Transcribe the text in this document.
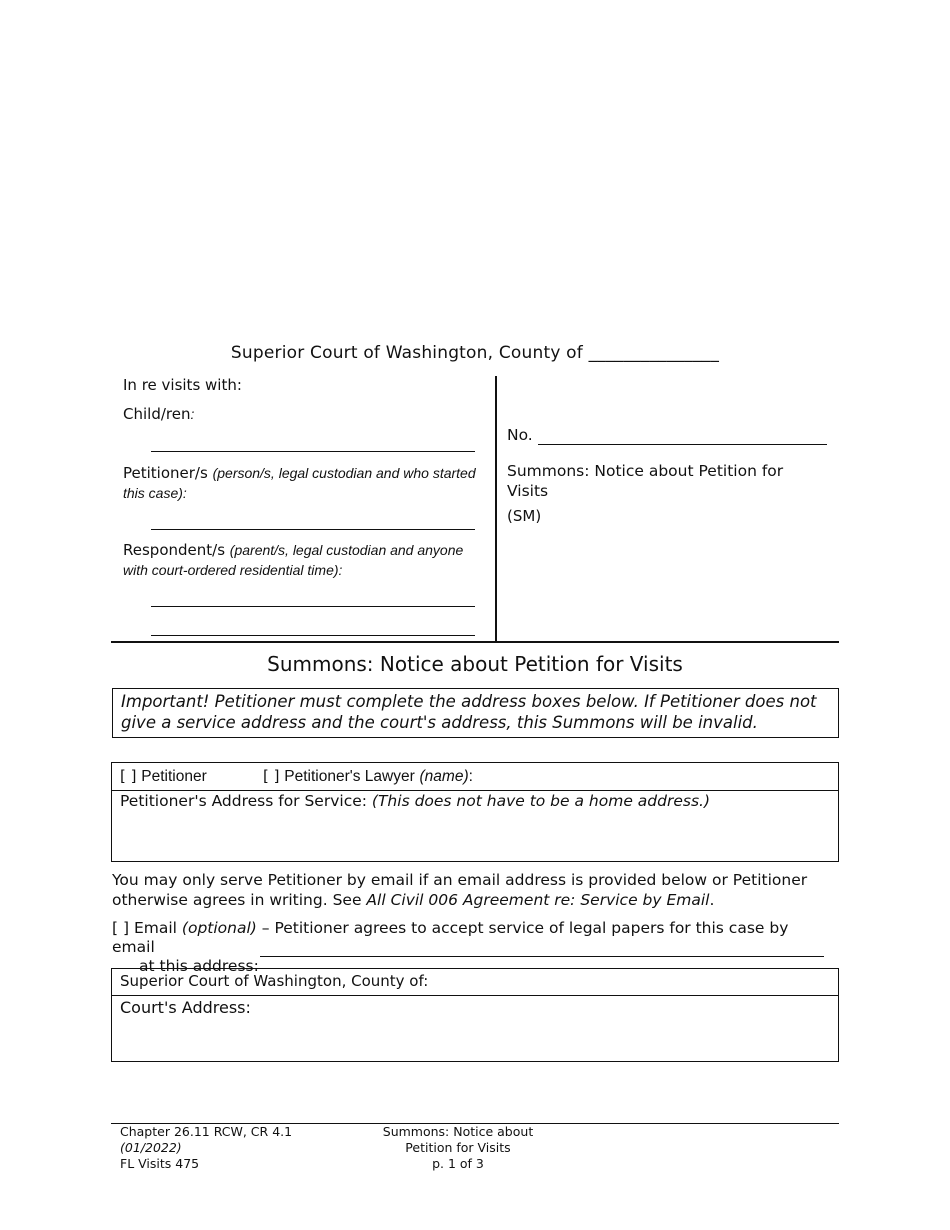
Superior Court of Washington, County of _______________
In re visits with:
Child/ren:
Petitioner/s (person/s, legal custodian and who started this case):
Respondent/s (parent/s, legal custodian and anyone with court-ordered residential time):
No.
Summons: Notice about Petition for Visits
(SM)
Summons: Notice about Petition for Visits
Important! Petitioner must complete the address boxes below. If Petitioner does not give a service address and the court's address, this Summons will be invalid.
[ ] Petitioner	[ ] Petitioner's Lawyer (name):
Petitioner's Address for Service: (This does not have to be a home address.)
You may only serve Petitioner by email if an email address is provided below or Petitioner otherwise agrees in writing. See All Civil 006 Agreement re: Service by Email.
[ ] Email (optional) – Petitioner agrees to accept service of legal papers for this case by email
at this address:
Superior Court of Washington, County of:
Court's Address:
Chapter 26.11 RCW, CR 4.1
(01/2022)
FL Visits 475
Summons: Notice about
Petition for Visits
p. 1 of 3
